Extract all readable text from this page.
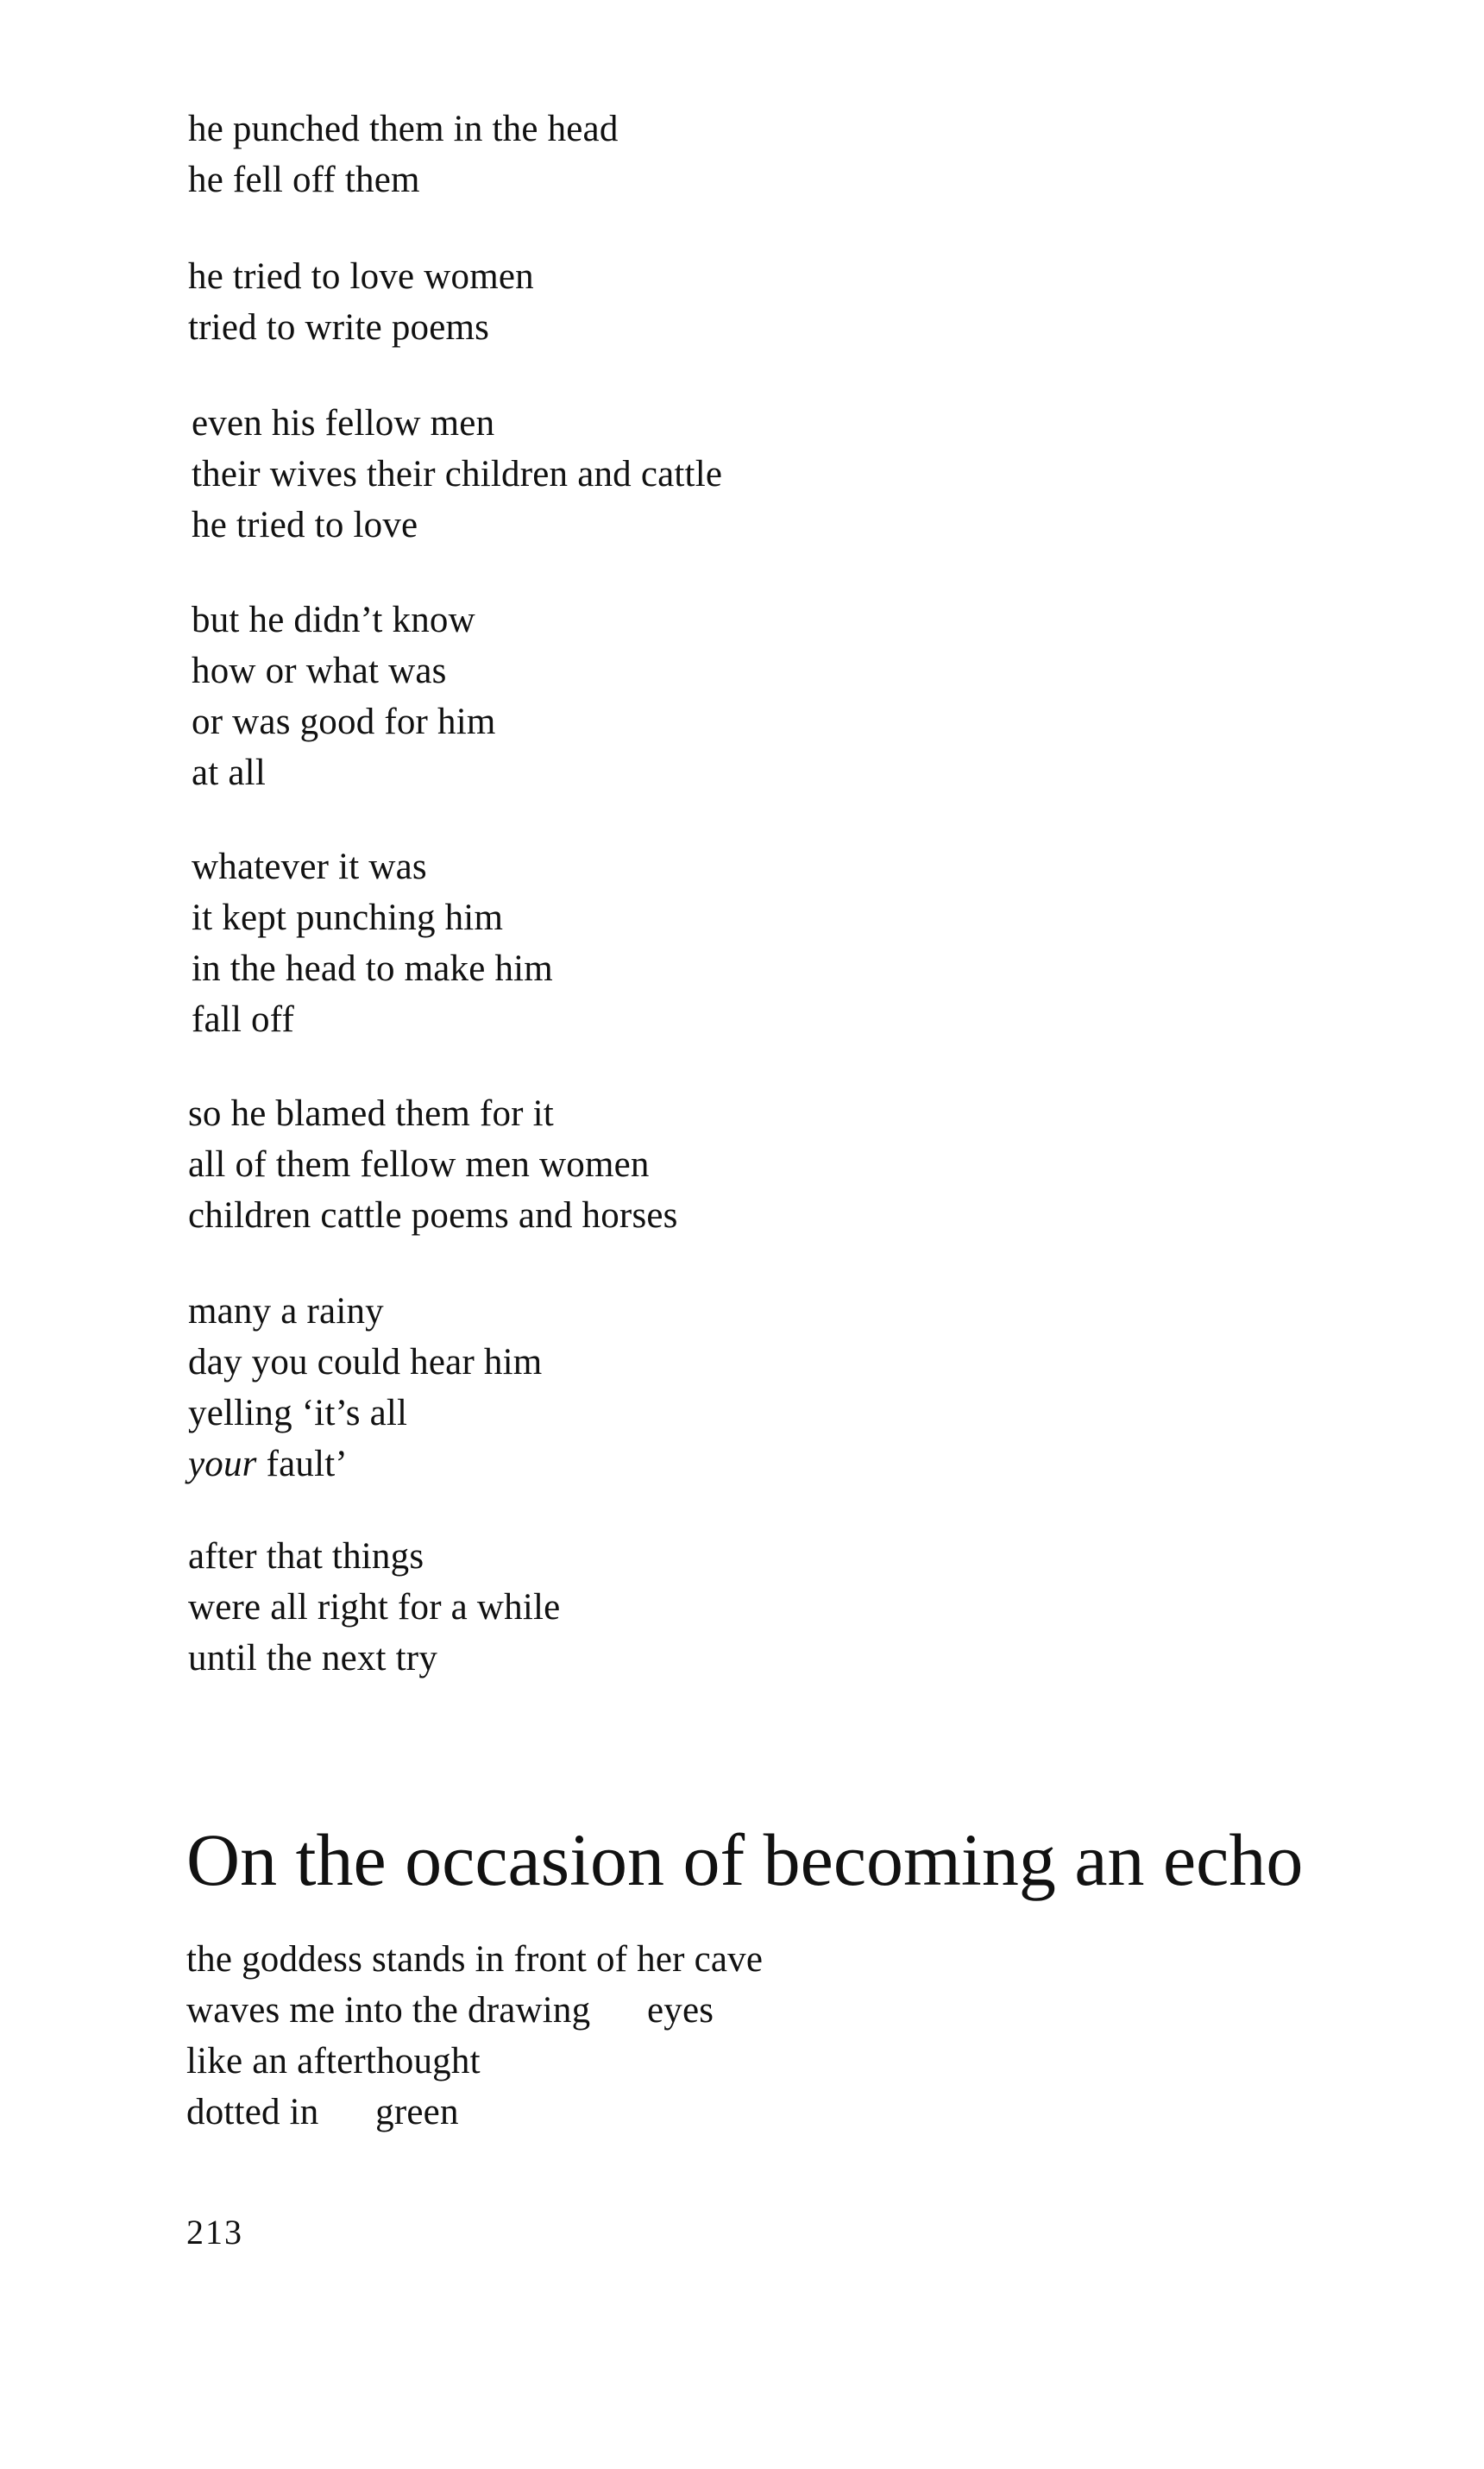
he punched them in the head
he fell off them
he tried to love women
tried to write poems
even his fellow men
their wives their children and cattle
he tried to love
but he didn’t know
how or what was
or was good for him
at all
whatever it was
it kept punching him
in the head to make him
fall off
so he blamed them for it
all of them fellow men women
children cattle poems and horses
many a rainy
day you could hear him
yelling ‘it’s all
your fault’
after that things
were all right for a while
until the next try
On the occasion of becoming an echo
the goddess stands in front of her cave
waves me into the drawing      eyes
like an afterthought
dotted in      green
213
